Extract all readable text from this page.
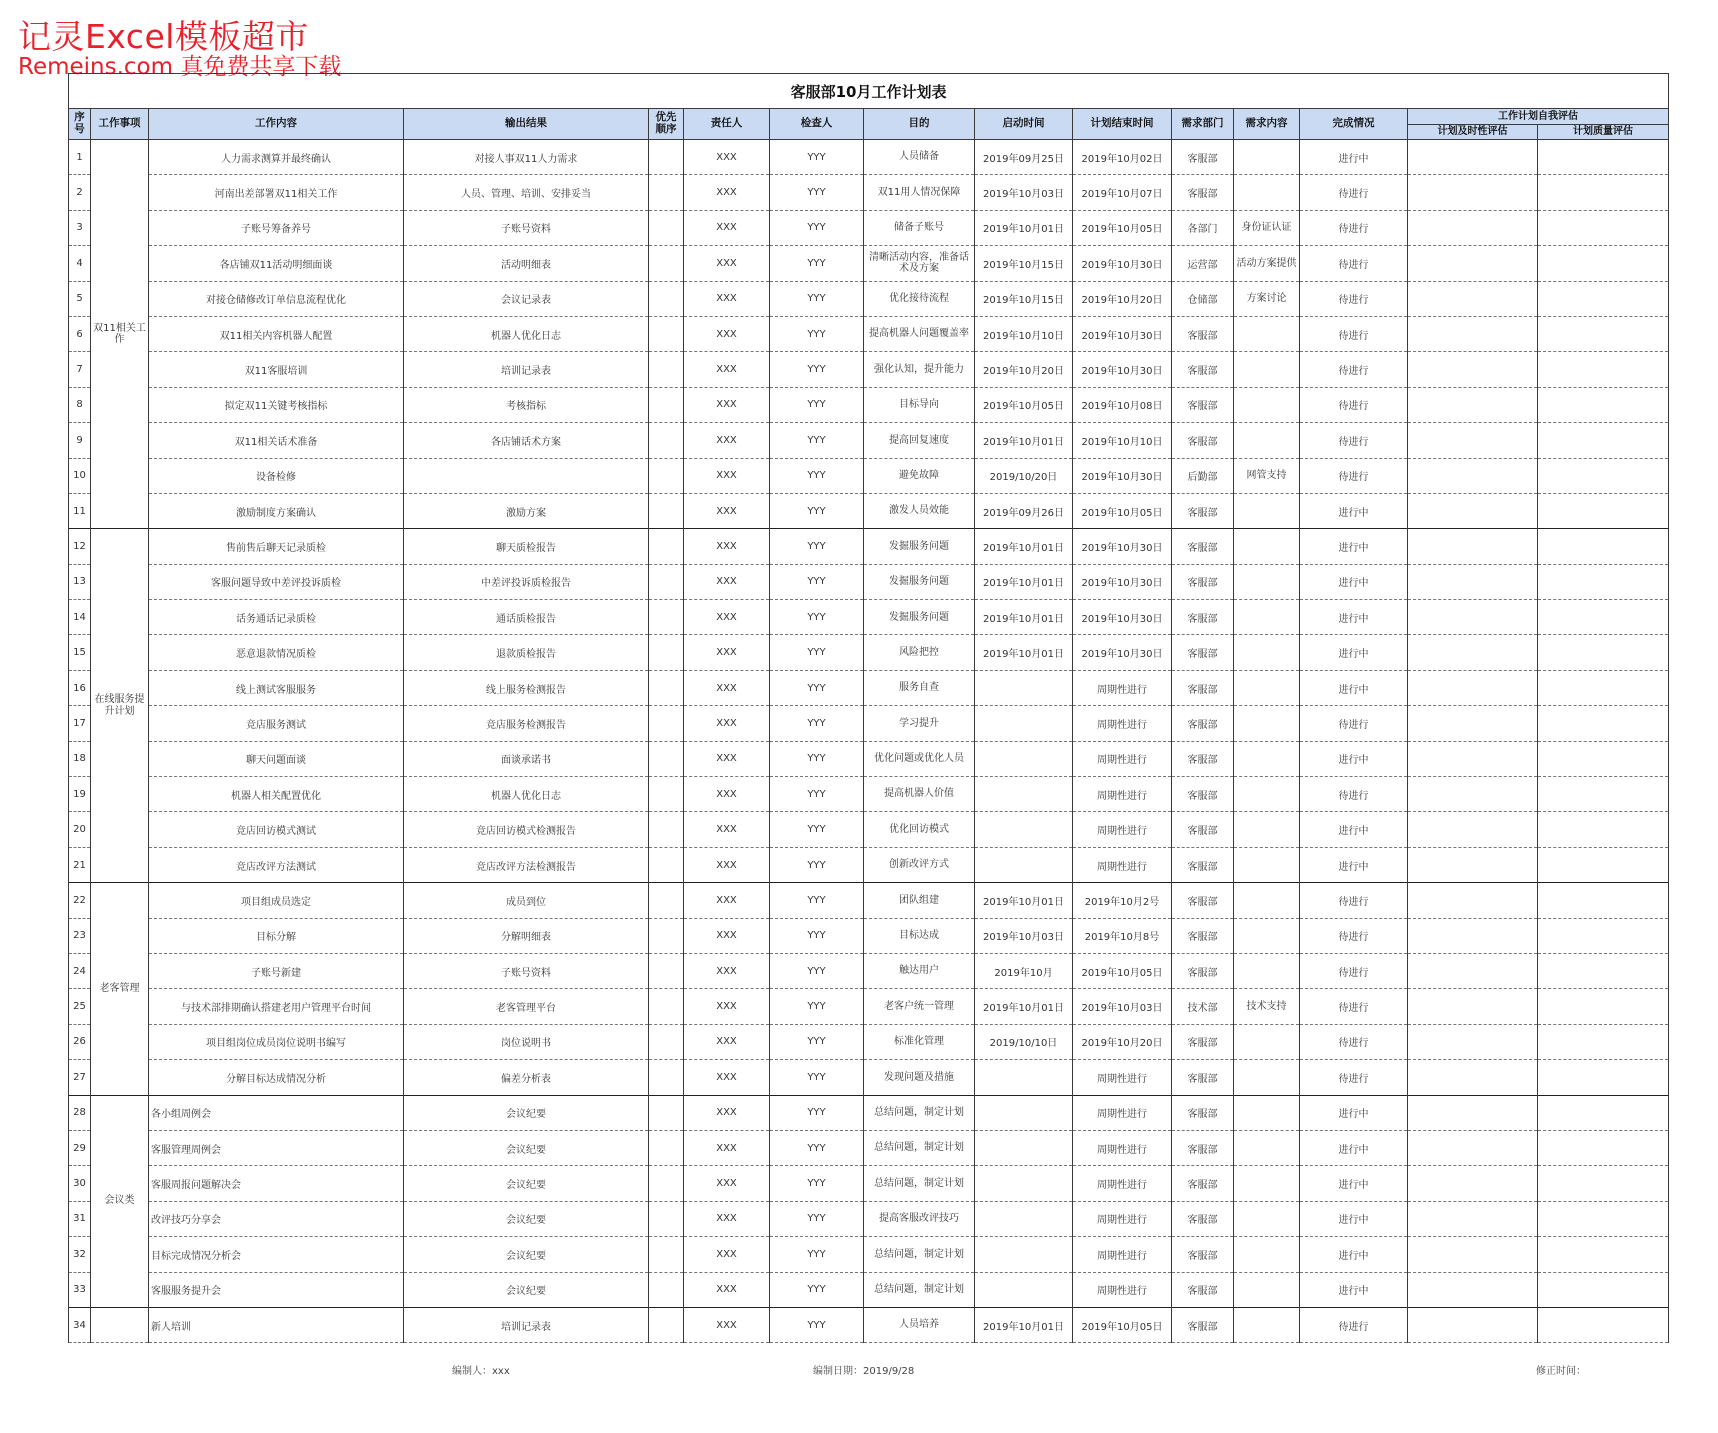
记灵Excel模板超市
Remeins.com 真免费共享下载
客服部10月工作计划表														
序号	工作事项	工作内容	输出结果	优先顺序	责任人	检查人	目的	启动时间	计划结束时间	需求部门	需求内容	完成情况	工作计划自我评估	
													计划及时性评估	计划质量评估
1	双11相关工作	人力需求测算并最终确认	对接人事双11人力需求		XXX	YYY	人员储备	2019年09月25日	2019年10月02日	客服部		进行中		
2		河南出差部署双11相关工作	人员、管理、培训、安排妥当		XXX	YYY	双11用人情况保障	2019年10月03日	2019年10月07日	客服部		待进行		
3		子账号筹备养号	子账号资料		XXX	YYY	储备子账号	2019年10月01日	2019年10月05日	各部门	身份证认证	待进行		
4		各店铺双11活动明细面谈	活动明细表		XXX	YYY	清晰活动内容，准备话术及方案	2019年10月15日	2019年10月30日	运营部	活动方案提供	待进行		
5		对接仓储修改订单信息流程优化	会议记录表		XXX	YYY	优化接待流程	2019年10月15日	2019年10月20日	仓储部	方案讨论	待进行		
6		双11相关内容机器人配置	机器人优化日志		XXX	YYY	提高机器人问题覆盖率	2019年10月10日	2019年10月30日	客服部		待进行		
7		双11客服培训	培训记录表		XXX	YYY	强化认知，提升能力	2019年10月20日	2019年10月30日	客服部		待进行		
8		拟定双11关键考核指标	考核指标		XXX	YYY	目标导向	2019年10月05日	2019年10月08日	客服部		待进行		
9		双11相关话术准备	各店铺话术方案		XXX	YYY	提高回复速度	2019年10月01日	2019年10月10日	客服部		待进行		
10		设备检修			XXX	YYY	避免故障	2019/10/20日	2019年10月30日	后勤部	网管支持	待进行		
11		激励制度方案确认	激励方案		XXX	YYY	激发人员效能	2019年09月26日	2019年10月05日	客服部		进行中		
12	在线服务提升计划	售前售后聊天记录质检	聊天质检报告		XXX	YYY	发掘服务问题	2019年10月01日	2019年10月30日	客服部		进行中		
13		客服问题导致中差评投诉质检	中差评投诉质检报告		XXX	YYY	发掘服务问题	2019年10月01日	2019年10月30日	客服部		进行中		
14		话务通话记录质检	通话质检报告		XXX	YYY	发掘服务问题	2019年10月01日	2019年10月30日	客服部		进行中		
15		恶意退款情况质检	退款质检报告		XXX	YYY	风险把控	2019年10月01日	2019年10月30日	客服部		进行中		
16		线上测试客服服务	线上服务检测报告		XXX	YYY	服务自查		周期性进行	客服部		进行中		
17		竞店服务测试	竞店服务检测报告		XXX	YYY	学习提升		周期性进行	客服部		待进行		
18		聊天问题面谈	面谈承诺书		XXX	YYY	优化问题或优化人员		周期性进行	客服部		进行中		
19		机器人相关配置优化	机器人优化日志		XXX	YYY	提高机器人价值		周期性进行	客服部		待进行		
20		竞店回访模式测试	竞店回访模式检测报告		XXX	YYY	优化回访模式		周期性进行	客服部		进行中		
21		竞店改评方法测试	竞店改评方法检测报告		XXX	YYY	创新改评方式		周期性进行	客服部		进行中		
22	老客管理	项目组成员选定	成员到位		XXX	YYY	团队组建	2019年10月01日	2019年10月2号	客服部		待进行		
23		目标分解	分解明细表		XXX	YYY	目标达成	2019年10月03日	2019年10月8号	客服部		待进行		
24		子账号新建	子账号资料		XXX	YYY	触达用户	2019年10月	2019年10月05日	客服部		待进行		
25		与技术部排期确认搭建老用户管理平台时间	老客管理平台		XXX	YYY	老客户统一管理	2019年10月01日	2019年10月03日	技术部	技术支持	待进行		
26		项目组岗位成员岗位说明书编写	岗位说明书		XXX	YYY	标准化管理	2019/10/10日	2019年10月20日	客服部		待进行		
27		分解目标达成情况分析	偏差分析表		XXX	YYY	发现问题及措施		周期性进行	客服部		待进行		
28	会议类	各小组周例会	会议纪要		XXX	YYY	总结问题，制定计划		周期性进行	客服部		进行中		
29		客服管理周例会	会议纪要		XXX	YYY	总结问题，制定计划		周期性进行	客服部		进行中		
30		客服周报问题解决会	会议纪要		XXX	YYY	总结问题，制定计划		周期性进行	客服部		进行中		
31		改评技巧分享会	会议纪要		XXX	YYY	提高客服改评技巧		周期性进行	客服部		进行中		
32		目标完成情况分析会	会议纪要		XXX	YYY	总结问题，制定计划		周期性进行	客服部		进行中		
33		客服服务提升会	会议纪要		XXX	YYY	总结问题，制定计划		周期性进行	客服部		进行中		
34		新人培训	培训记录表		XXX	YYY	人员培养	2019年10月01日	2019年10月05日	客服部		待进行		
编制人：xxx	编制日期：2019/9/28	修正时间：
